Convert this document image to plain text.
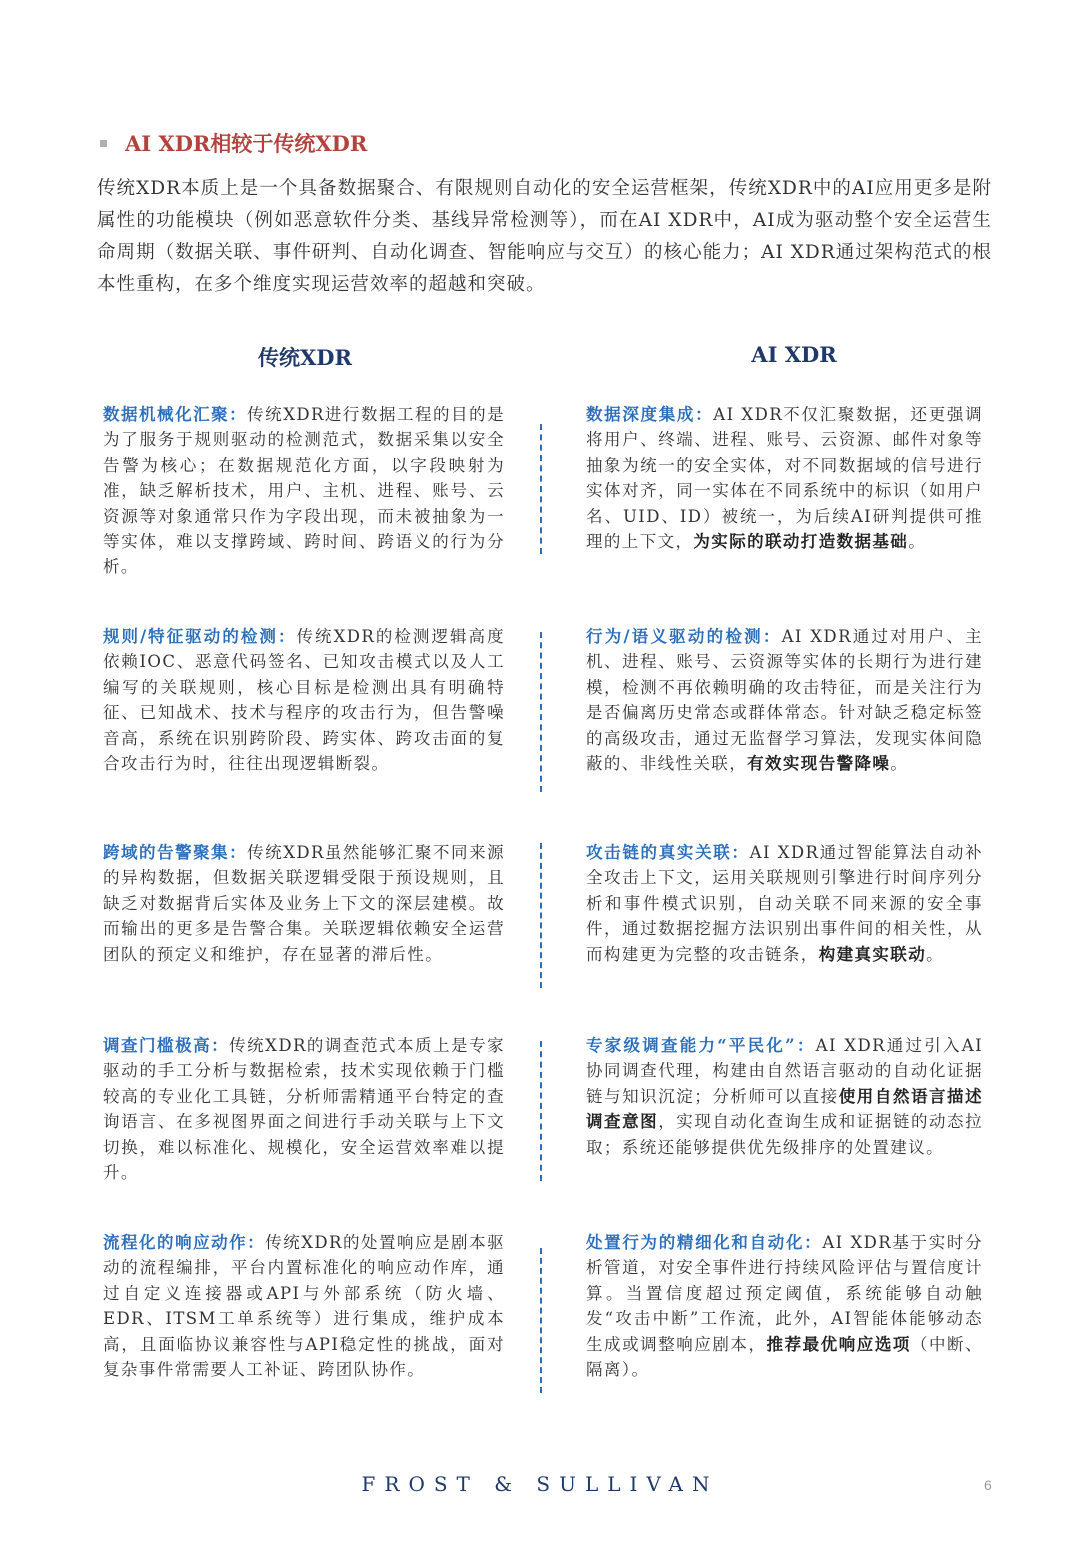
AI XDR相较于传统XDR
传统XDR本质上是一个具备数据聚合、有限规则自动化的安全运营框架，传统XDR中的AI应用更多是附属性的功能模块（例如恶意软件分类、基线异常检测等），而在AI XDR中，AI成为驱动整个安全运营生命周期（数据关联、事件研判、自动化调查、智能响应与交互）的核心能力；AI XDR通过架构范式的根本性重构，在多个维度实现运营效率的超越和突破。
传统XDR	AI XDR
数据机械化汇聚：传统XDR进行数据工程的目的是为了服务于规则驱动的检测范式，数据采集以安全告警为核心；在数据规范化方面，以字段映射为准，缺乏解析技术，用户、主机、进程、账号、云资源等对象通常只作为字段出现，而未被抽象为一等实体，难以支撑跨域、跨时间、跨语义的行为分析。
数据深度集成：AI XDR不仅汇聚数据，还更强调将用户、终端、进程、账号、云资源、邮件对象等抽象为统一的安全实体，对不同数据域的信号进行实体对齐，同一实体在不同系统中的标识（如用户名、UID、ID）被统一，为后续AI研判提供可推理的上下文，为实际的联动打造数据基础。
规则/特征驱动的检测：传统XDR的检测逻辑高度依赖IOC、恶意代码签名、已知攻击模式以及人工编写的关联规则，核心目标是检测出具有明确特征、已知战术、技术与程序的攻击行为，但告警噪音高，系统在识别跨阶段、跨实体、跨攻击面的复合攻击行为时，往往出现逻辑断裂。
行为/语义驱动的检测：AI XDR通过对用户、主机、进程、账号、云资源等实体的长期行为进行建模，检测不再依赖明确的攻击特征，而是关注行为是否偏离历史常态或群体常态。针对缺乏稳定标签的高级攻击，通过无监督学习算法，发现实体间隐蔽的、非线性关联，有效实现告警降噪。
跨域的告警聚集：传统XDR虽然能够汇聚不同来源的异构数据，但数据关联逻辑受限于预设规则，且缺乏对数据背后实体及业务上下文的深层建模。故而输出的更多是告警合集。关联逻辑依赖安全运营团队的预定义和维护，存在显著的滞后性。
攻击链的真实关联：AI XDR通过智能算法自动补全攻击上下文，运用关联规则引擎进行时间序列分析和事件模式识别，自动关联不同来源的安全事件，通过数据挖掘方法识别出事件间的相关性，从而构建更为完整的攻击链条，构建真实联动。
调查门槛极高：传统XDR的调查范式本质上是专家驱动的手工分析与数据检索，技术实现依赖于门槛较高的专业化工具链，分析师需精通平台特定的查询语言、在多视图界面之间进行手动关联与上下文切换，难以标准化、规模化，安全运营效率难以提升。
专家级调查能力“平民化”：AI XDR通过引入AI协同调查代理，构建由自然语言驱动的自动化证据链与知识沉淀；分析师可以直接使用自然语言描述调查意图，实现自动化查询生成和证据链的动态拉取；系统还能够提供优先级排序的处置建议。
流程化的响应动作：传统XDR的处置响应是剧本驱动的流程编排，平台内置标准化的响应动作库，通过自定义连接器或API与外部系统（防火墙、EDR、ITSM工单系统等）进行集成，维护成本高，且面临协议兼容性与API稳定性的挑战，面对复杂事件常需要人工补证、跨团队协作。
处置行为的精细化和自动化：AI XDR基于实时分析管道，对安全事件进行持续风险评估与置信度计算。当置信度超过预定阈值，系统能够自动触发“攻击中断”工作流，此外，AI智能体能够动态生成或调整响应剧本，推荐最优响应选项（中断、隔离）。
FROST & SULLIVAN	6
